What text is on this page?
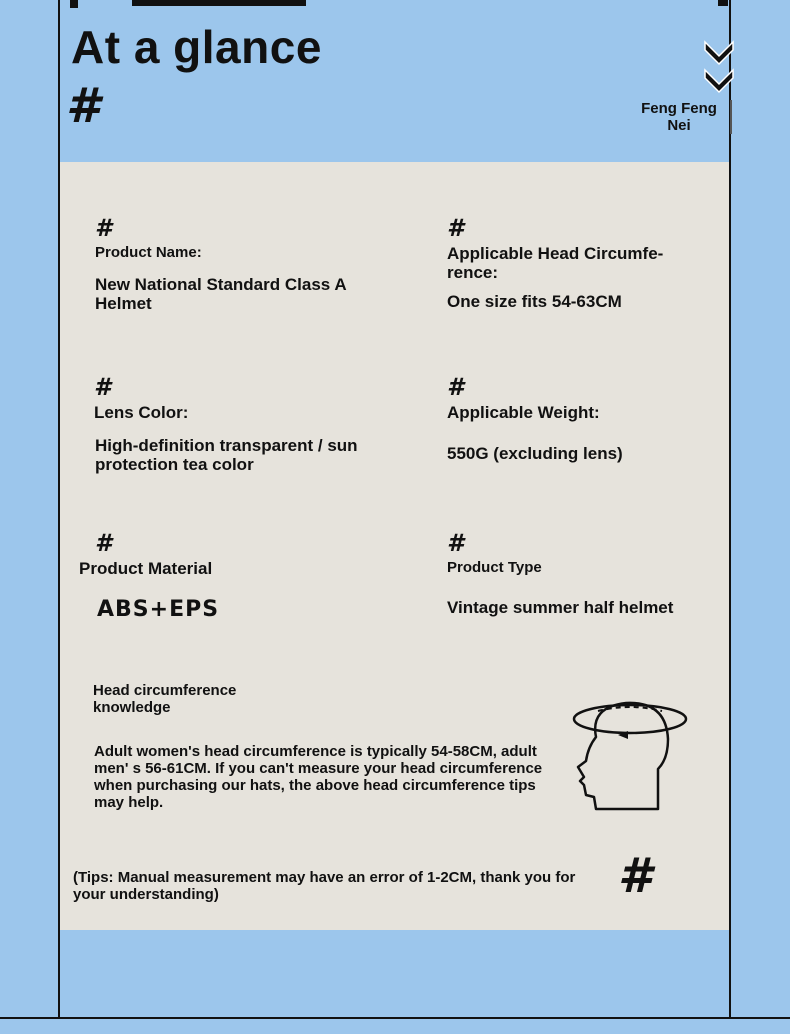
At a glance
#	Feng Feng Nei
#
Product Name:
New National Standard Class A Helmet
#
Applicable Head Circumfe-rence:
One size fits 54-63CM
#
Lens Color:
High-definition transparent / sun protection tea color
#
Applicable Weight:
550G (excluding lens)
#
Product Material
ABS+EPS
#
Product Type
Vintage summer half helmet
Head circumference knowledge
Adult women's head circumference is typically 54-58CM, adult men' s 56-61CM. If you can't measure your head circumference when purchasing our hats, the above head circumference tips may help.
(Tips: Manual measurement may have an error of 1-2CM, thank you for your understanding)	#
